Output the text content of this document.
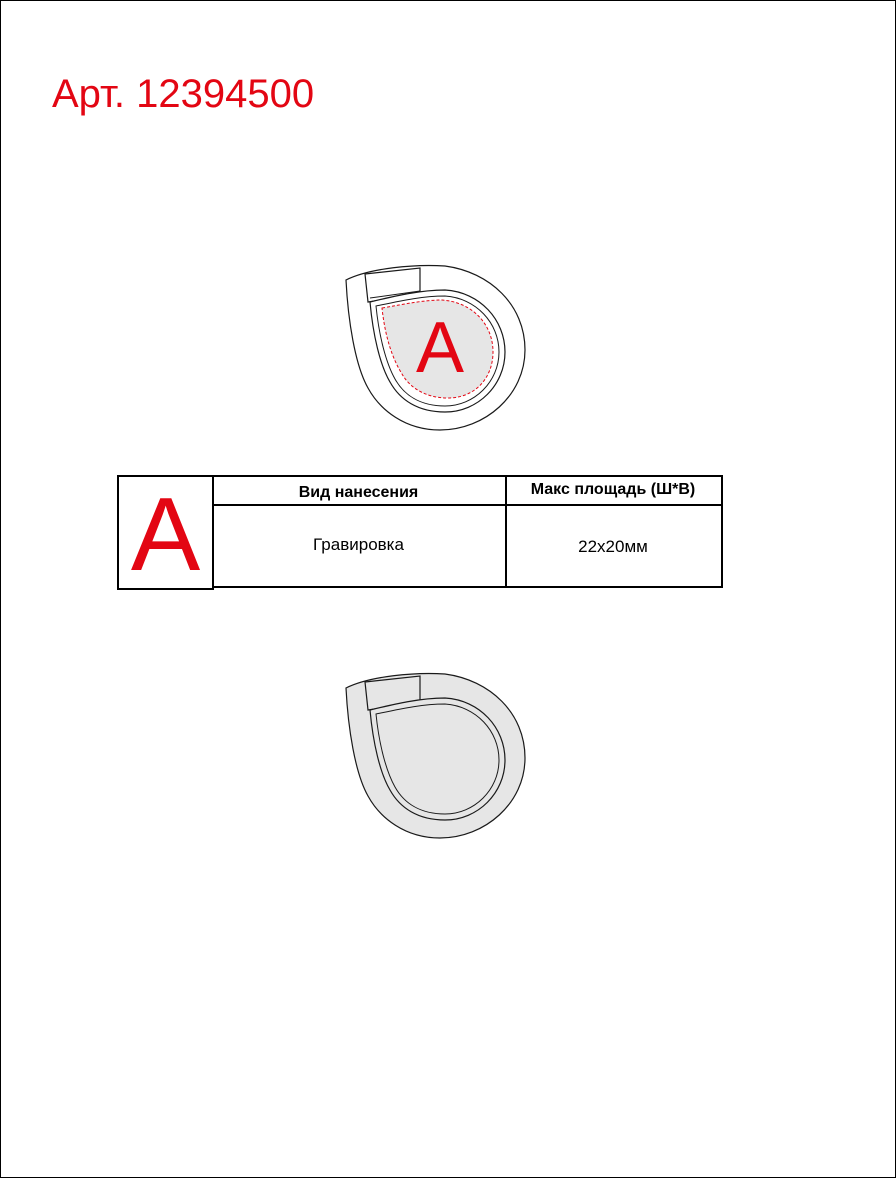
Арт. 12394500
A
A	Вид нанесения	Макс площадь (Ш*В)
Гравировка	22х20мм
